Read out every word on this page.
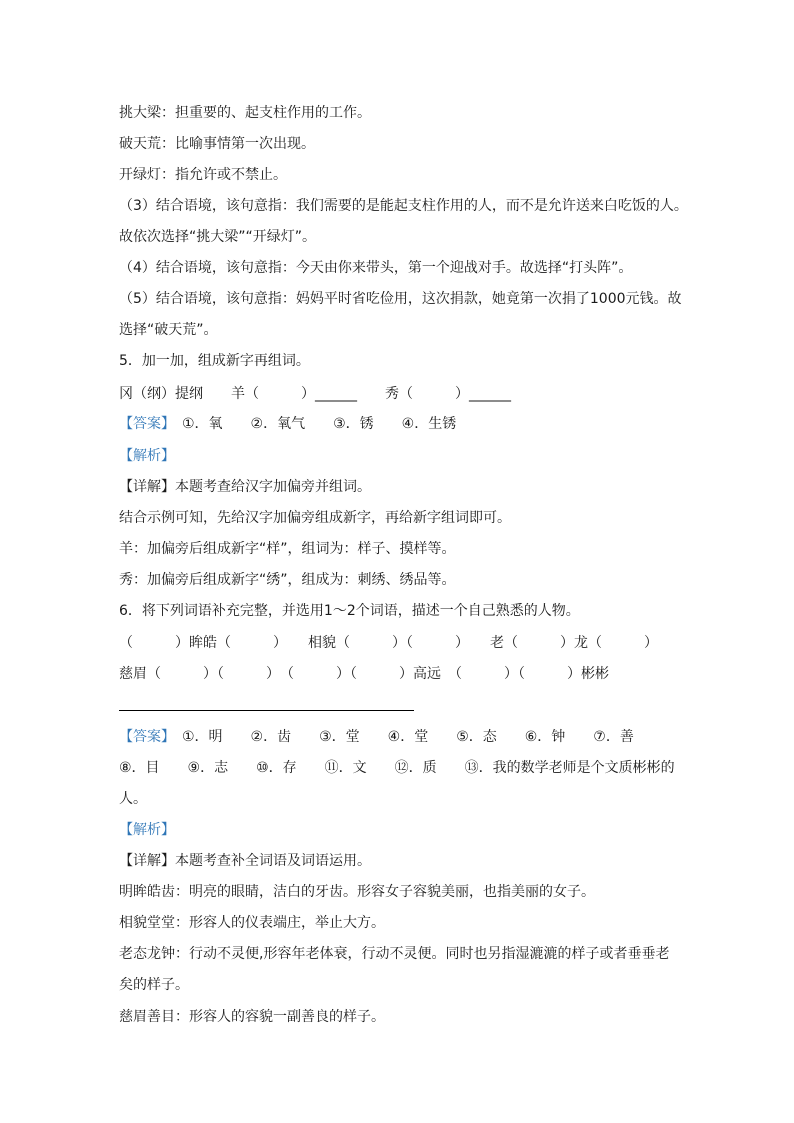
挑大梁：担重要的、起支柱作用的工作。
破天荒：比喻事情第一次出现。
开绿灯：指允许或不禁止。
（3）结合语境，该句意指：我们需要的是能起支柱作用的人，而不是允许送来白吃饭的人。
故依次选择“挑大梁”“开绿灯”。
（4）结合语境，该句意指：今天由你来带头，第一个迎战对手。故选择“打头阵”。
（5）结合语境，该句意指：妈妈平时省吃俭用，这次捐款，她竟第一次捐了1000元钱。故
选择“破天荒”。
5．加一加，组成新字再组词。
冈（纲）提纲　　羊（　　　）______　　秀（　　　）______
【答案】　①．氧　　②．氧气　　③．锈　　④．生锈
【解析】
【详解】本题考查给汉字加偏旁并组词。
结合示例可知，先给汉字加偏旁组成新字，再给新字组词即可。
羊：加偏旁后组成新字“样”，组词为：样子、摸样等。
秀：加偏旁后组成新字“绣”，组成为：刺绣、绣品等。
6．将下列词语补充完整，并选用1～2个词语，描述一个自己熟悉的人物。
（　　　）眸皓（　　　）　　相貌（　　　）（　　　）　　老（　　　）龙（　　　）
慈眉（　　　）（　　　）　（　　　）（　　　）高远　（　　　）（　　　）彬彬
【答案】　①．明　　②．齿　　③．堂　　④．堂　　⑤．态　　⑥．钟　　⑦．善
⑧．目　　⑨．志　　⑩．存　　⑪．文　　⑫．质　　⑬．我的数学老师是个文质彬彬的
人。
【解析】
【详解】本题考查补全词语及词语运用。
明眸皓齿：明亮的眼睛，洁白的牙齿。形容女子容貌美丽，也指美丽的女子。
相貌堂堂：形容人的仪表端庄，举止大方。
老态龙钟：行动不灵便,形容年老体衰，行动不灵便。同时也另指湿漉漉的样子或者垂垂老
矣的样子。
慈眉善目：形容人的容貌一副善良的样子。
